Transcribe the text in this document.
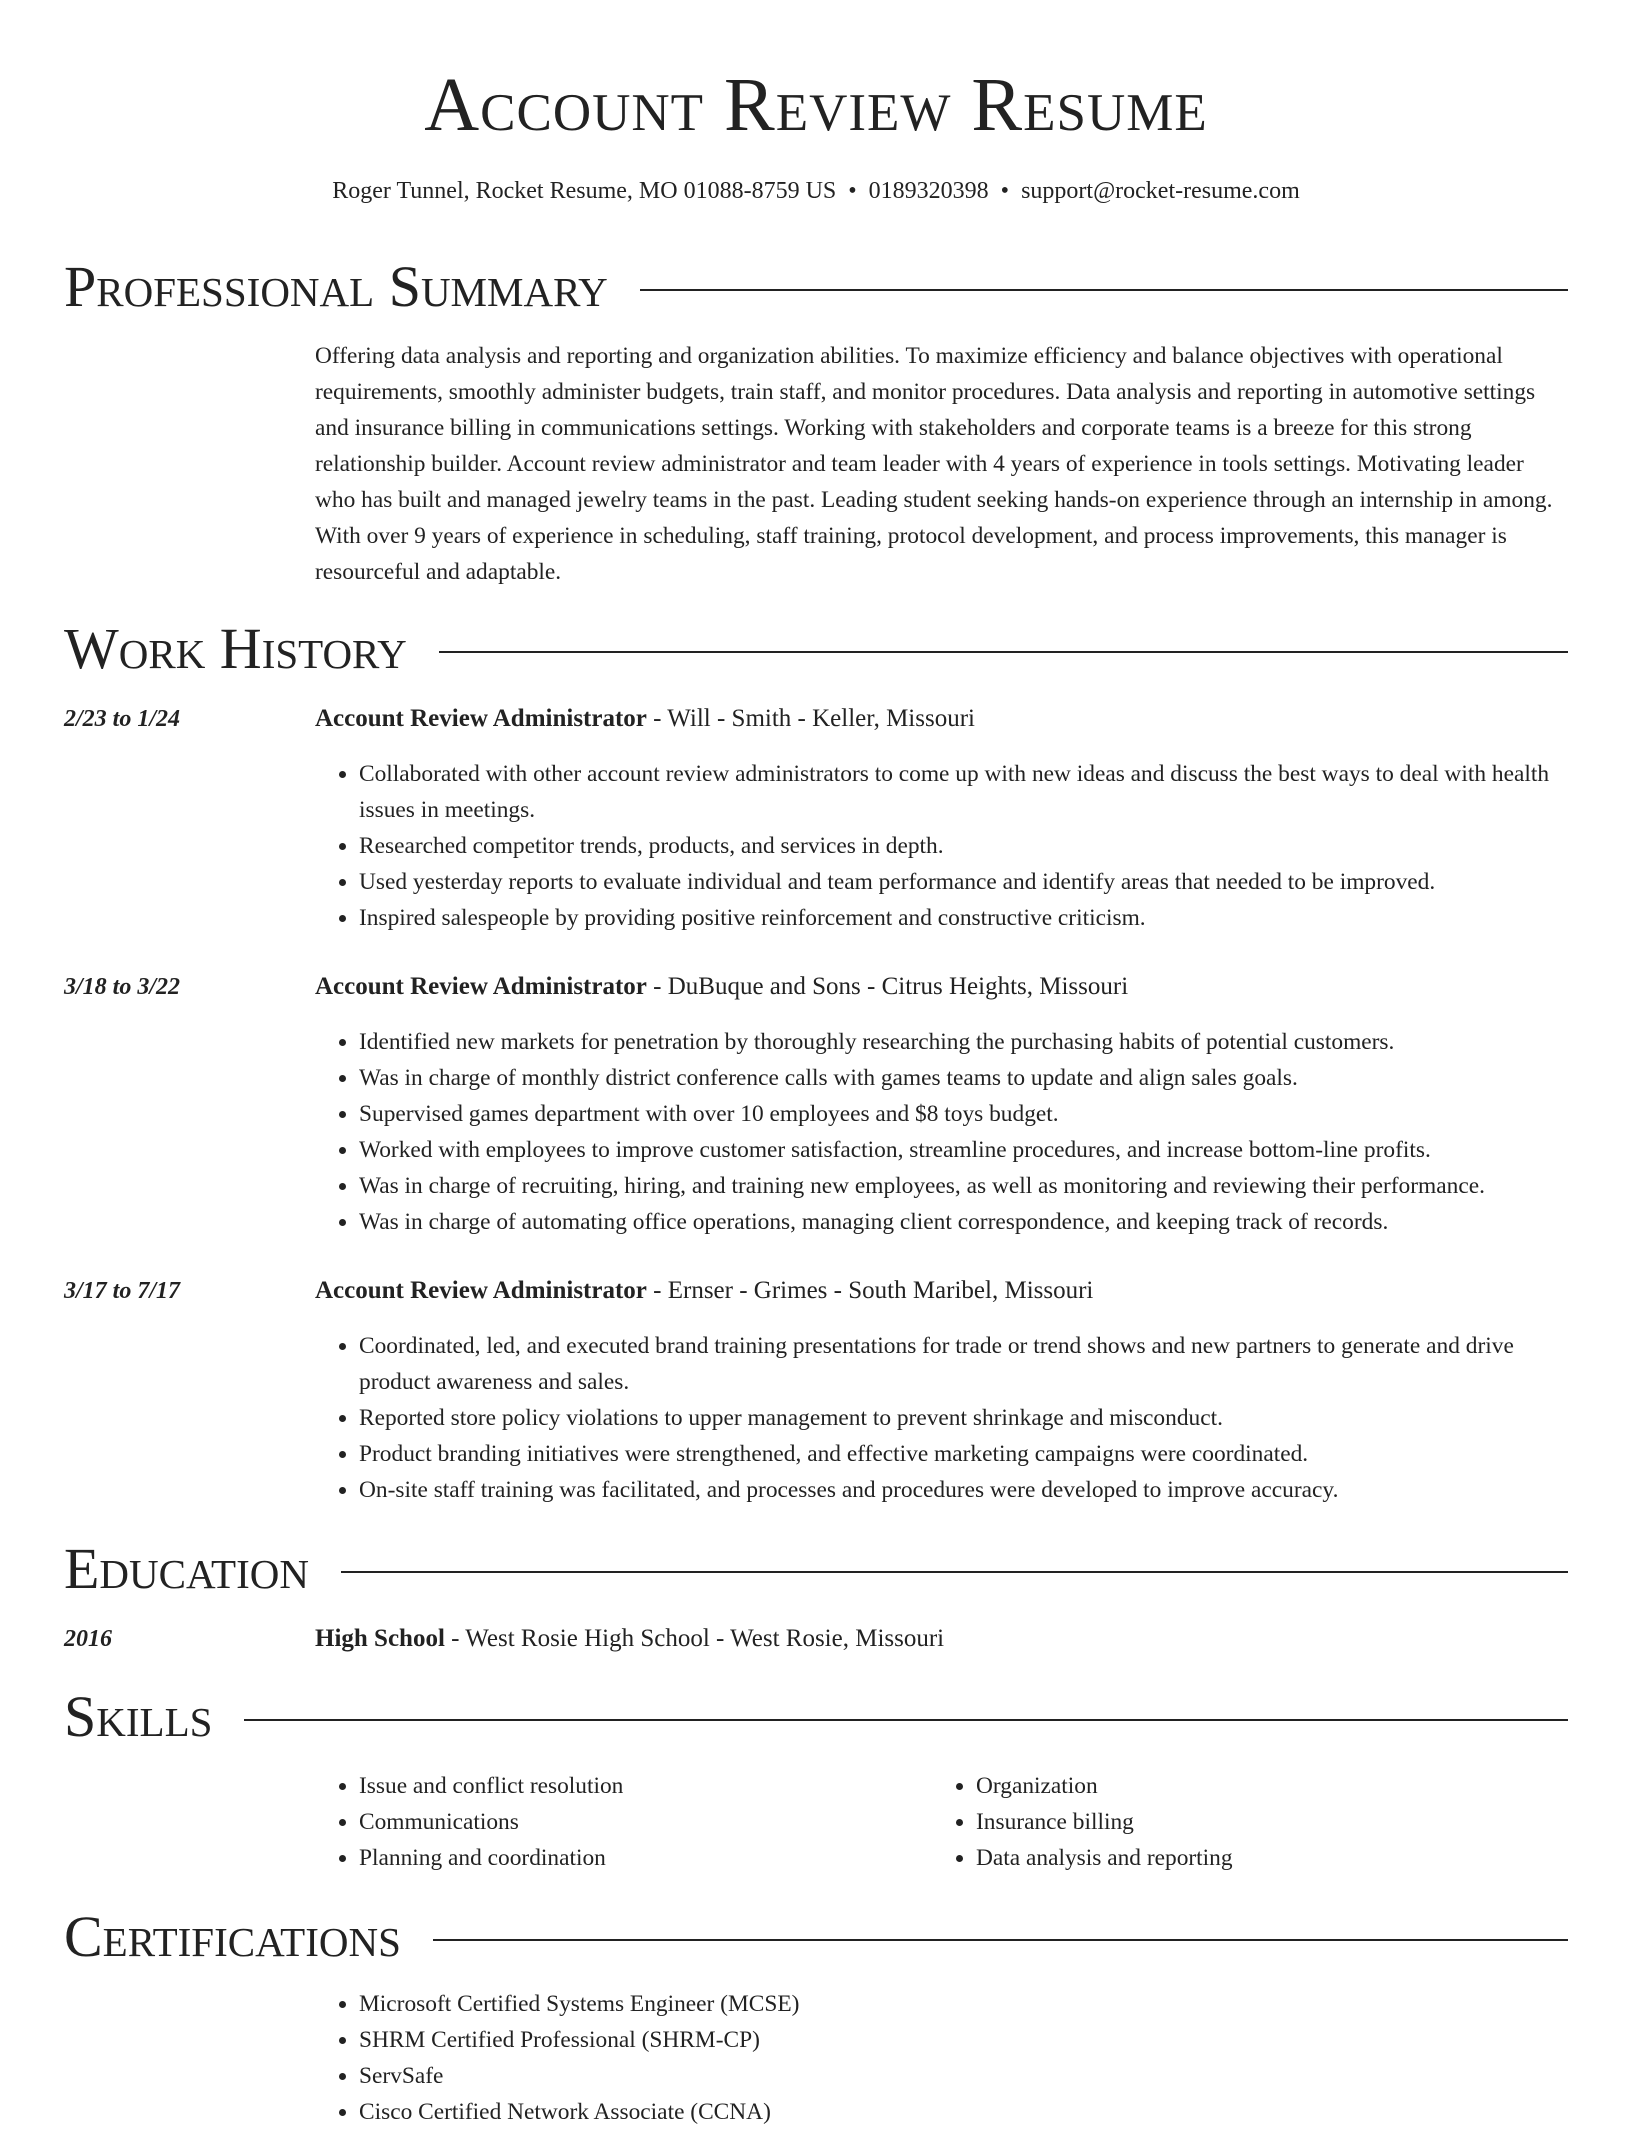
Account Review Resume
Roger Tunnel, Rocket Resume, MO 01088-8759 US • 0189320398 • support@rocket-resume.com
Professional Summary

Offering data analysis and reporting and organization abilities. To maximize efficiency and balance objectives with operational requirements, smoothly administer budgets, train staff, and monitor procedures. Data analysis and reporting in automotive settings and insurance billing in communications settings. Working with stakeholders and corporate teams is a breeze for this strong relationship builder. Account review administrator and team leader with 4 years of experience in tools settings. Motivating leader who has built and managed jewelry teams in the past. Leading student seeking hands-on experience through an internship in among. With over 9 years of experience in scheduling, staff training, protocol development, and process improvements, this manager is resourceful and adaptable.

Work History
2/23 to 1/24	Account Review Administrator - Will - Smith - Keller, Missouri
• Collaborated with other account review administrators to come up with new ideas and discuss the best ways to deal with health issues in meetings.
• Researched competitor trends, products, and services in depth.
• Used yesterday reports to evaluate individual and team performance and identify areas that needed to be improved.
• Inspired salespeople by providing positive reinforcement and constructive criticism.
3/18 to 3/22	Account Review Administrator - DuBuque and Sons - Citrus Heights, Missouri
• Identified new markets for penetration by thoroughly researching the purchasing habits of potential customers.
• Was in charge of monthly district conference calls with games teams to update and align sales goals.
• Supervised games department with over 10 employees and $8 toys budget.
• Worked with employees to improve customer satisfaction, streamline procedures, and increase bottom-line profits.
• Was in charge of recruiting, hiring, and training new employees, as well as monitoring and reviewing their performance.
• Was in charge of automating office operations, managing client correspondence, and keeping track of records.
3/17 to 7/17	Account Review Administrator - Ernser - Grimes - South Maribel, Missouri
• Coordinated, led, and executed brand training presentations for trade or trend shows and new partners to generate and drive product awareness and sales.
• Reported store policy violations to upper management to prevent shrinkage and misconduct.
• Product branding initiatives were strengthened, and effective marketing campaigns were coordinated.
• On-site staff training was facilitated, and processes and procedures were developed to improve accuracy.
Education
2016	High School - West Rosie High School - West Rosie, Missouri
Skills
• Issue and conflict resolution
• Communications
• Planning and coordination
• Organization
• Insurance billing
• Data analysis and reporting
Certifications
• Microsoft Certified Systems Engineer (MCSE)
• SHRM Certified Professional (SHRM-CP)
• ServSafe
• Cisco Certified Network Associate (CCNA)
